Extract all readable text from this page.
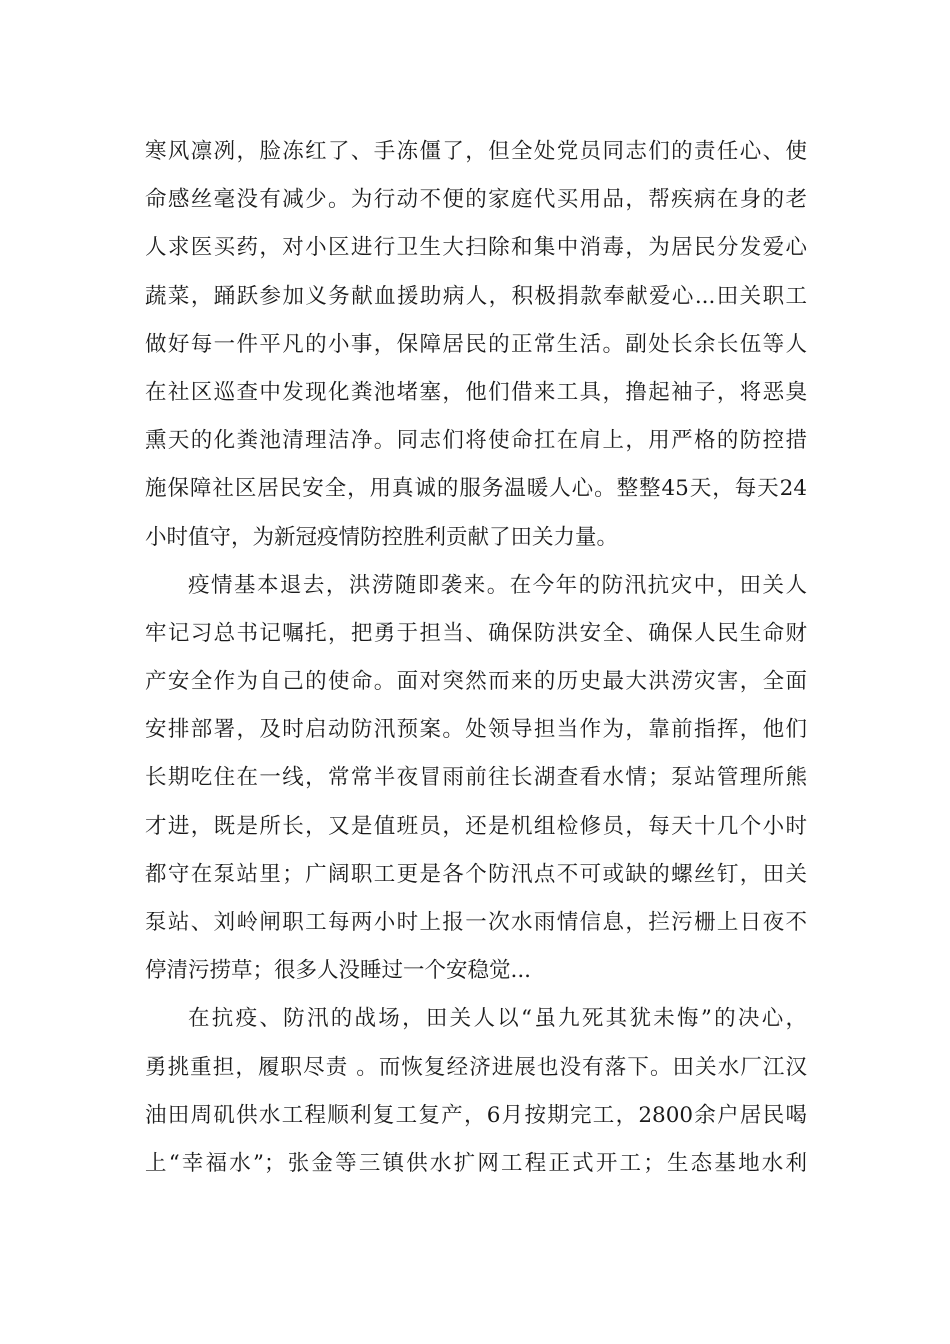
寒风凛冽，脸冻红了、手冻僵了，但全处党员同志们的责任心、使
命感丝毫没有减少。为行动不便的家庭代买用品，帮疾病在身的老
人求医买药，对小区进行卫生大扫除和集中消毒，为居民分发爱心
蔬菜，踊跃参加义务献血援助病人，积极捐款奉献爱心...田关职工
做好每一件平凡的小事，保障居民的正常生活。副处长余长伍等人
在社区巡查中发现化粪池堵塞，他们借来工具，撸起袖子，将恶臭
熏天的化粪池清理洁净。同志们将使命扛在肩上，用严格的防控措
施保障社区居民安全，用真诚的服务温暖人心。整整45天，每天24
小时值守，为新冠疫情防控胜利贡献了田关力量。
疫情基本退去，洪涝随即袭来。在今年的防汛抗灾中，田关人
牢记习总书记嘱托，把勇于担当、确保防洪安全、确保人民生命财
产安全作为自己的使命。面对突然而来的历史最大洪涝灾害，全面
安排部署，及时启动防汛预案。处领导担当作为，靠前指挥，他们
长期吃住在一线，常常半夜冒雨前往长湖查看水情；泵站管理所熊
才进，既是所长，又是值班员，还是机组检修员，每天十几个小时
都守在泵站里；广阔职工更是各个防汛点不可或缺的螺丝钉，田关
泵站、刘岭闸职工每两小时上报一次水雨情信息，拦污栅上日夜不
停清污捞草；很多人没睡过一个安稳觉...
在抗疫、防汛的战场，田关人以“虽九死其犹未悔”的决心，
勇挑重担，履职尽责 。而恢复经济进展也没有落下。田关水厂江汉
油田周矶供水工程顺利复工复产，6月按期完工，2800余户居民喝
上“幸福水”；张金等三镇供水扩网工程正式开工；生态基地水利
